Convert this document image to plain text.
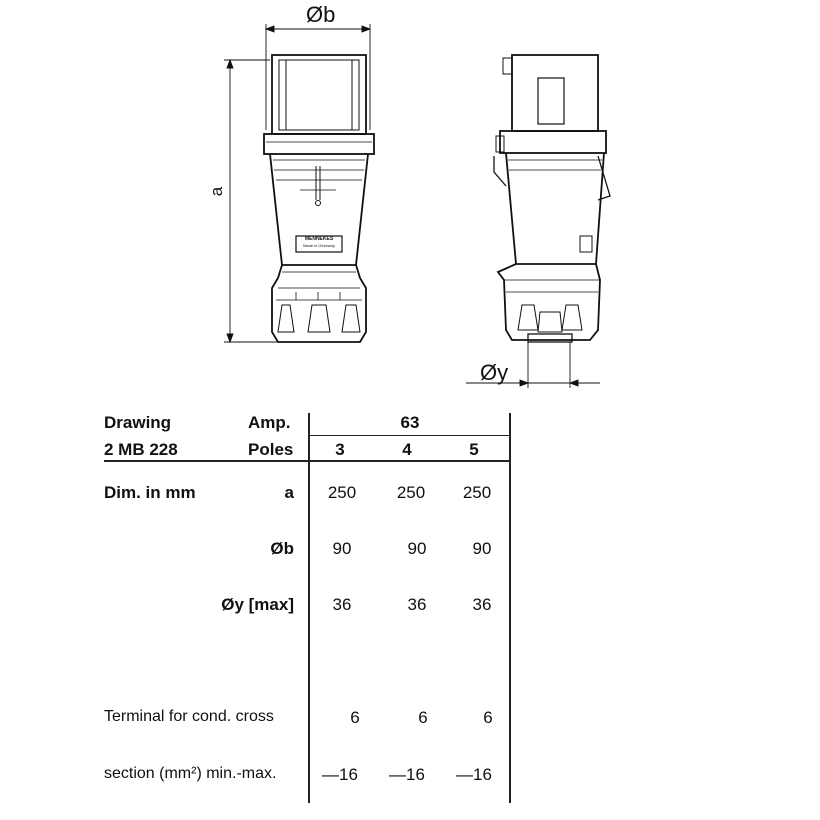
Øb
a
Øy
MENNEKES
Made in Germany
Drawing
2 MB 228
Amp.
Poles
63
3	4	5
Dim. in mm	a	250	250	250
Øb	90	90	90
Øy [max]	36	36	36
Terminal for cond. cross	6	6	6
section (mm²) min.-max.	—16 —16 —16
